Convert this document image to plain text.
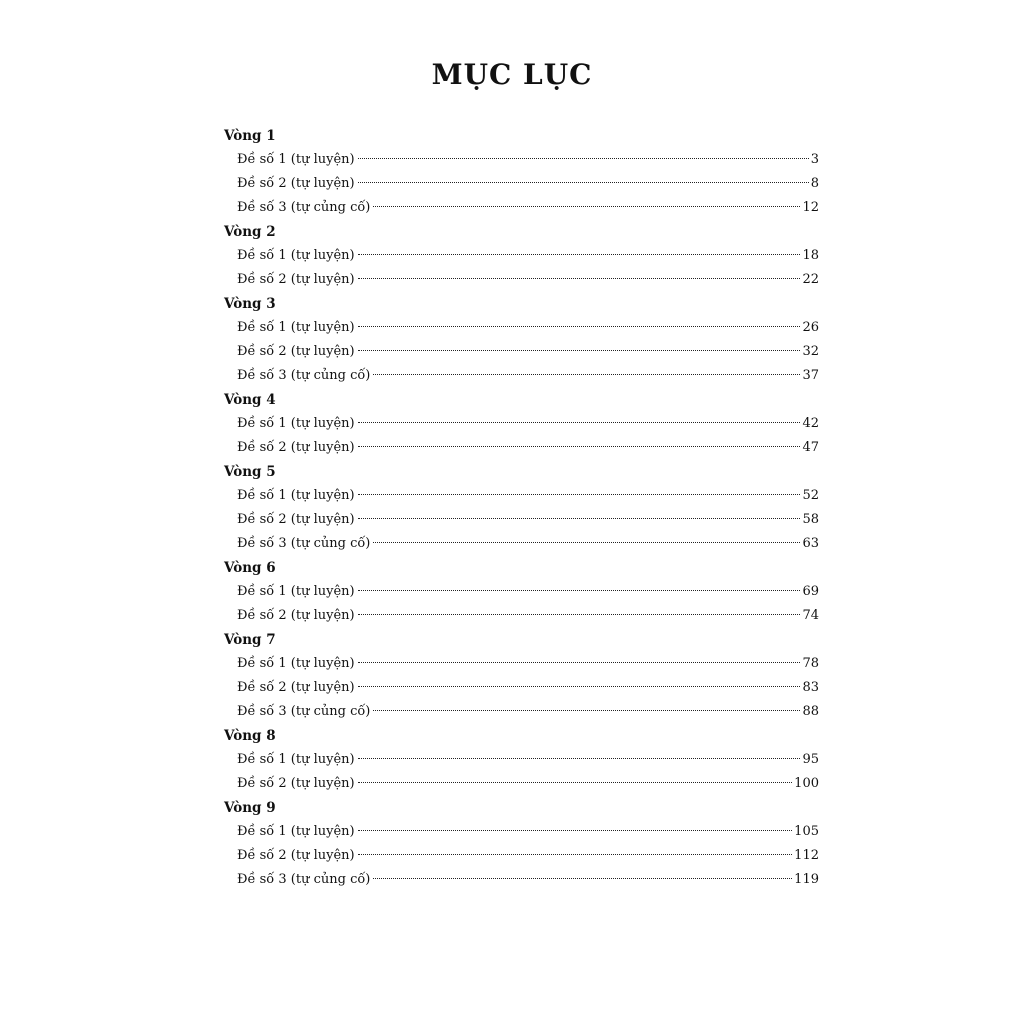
MỤC LỤC
Vòng 1
Đề số 1 (tự luyện)	3
Đề số 2 (tự luyện)	8
Đề số 3 (tự củng cố)	12
Vòng 2
Đề số 1 (tự luyện)	18
Đề số 2 (tự luyện)	22
Vòng 3
Đề số 1 (tự luyện)	26
Đề số 2 (tự luyện)	32
Đề số 3 (tự củng cố)	37
Vòng 4
Đề số 1 (tự luyện)	42
Đề số 2 (tự luyện)	47
Vòng 5
Đề số 1 (tự luyện)	52
Đề số 2 (tự luyện)	58
Đề số 3 (tự củng cố)	63
Vòng 6
Đề số 1 (tự luyện)	69
Đề số 2 (tự luyện)	74
Vòng 7
Đề số 1 (tự luyện)	78
Đề số 2 (tự luyện)	83
Đề số 3 (tự củng cố)	88
Vòng 8
Đề số 1 (tự luyện)	95
Đề số 2 (tự luyện)	100
Vòng 9
Đề số 1 (tự luyện)	105
Đề số 2 (tự luyện)	112
Đề số 3 (tự củng cố)	119
